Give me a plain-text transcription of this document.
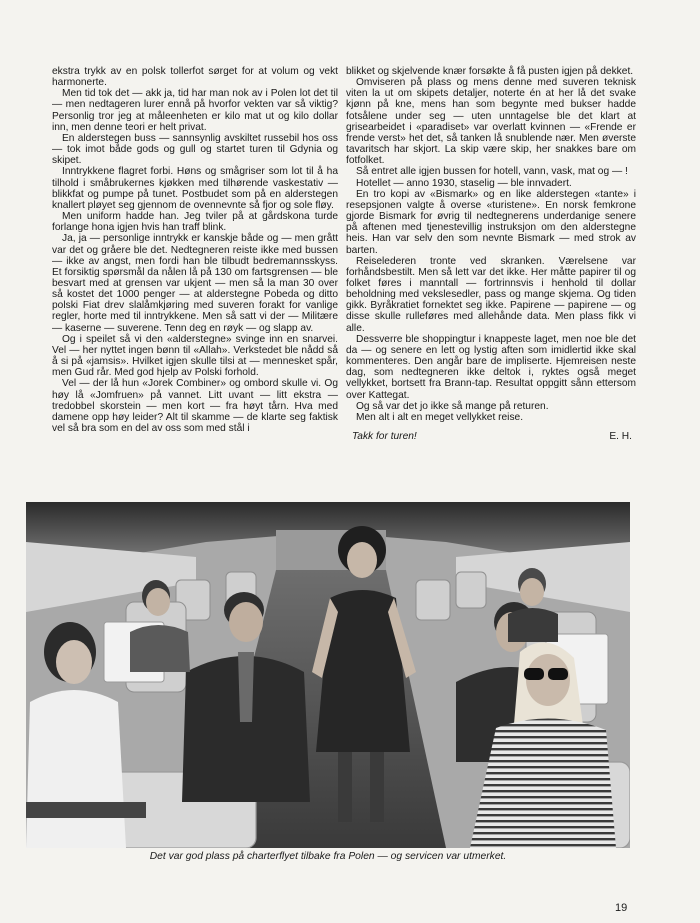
ekstra trykk av en polsk tollerfot sørget for at volum og vekt harmonerte.

Men tid tok det — akk ja, tid har man nok av i Polen lot det til — men nedtageren lurer ennå på hvorfor vekten var så viktig? Personlig tror jeg at måleenheten er kilo mat ut og kilo dollar inn, men denne teori er helt privat.

En alderstegen buss — sannsynlig avskiltet russebil hos oss — tok imot både gods og gull og startet turen til Gdynia og skipet.

Inntrykkene flagret forbi. Høns og smågriser som lot til å ha tilhold i småbrukernes kjøkken med tilhørende vaskestativ — blikkfat og pumpe på tunet. Postbudet som på en alderstegen knallert pløyet seg gjennom de ovennevnte så fjor og sole fløy.

Men uniform hadde han. Jeg tviler på at gårdskona turde forlange hona igjen hvis han traff blink.

Ja, ja — personlige inntrykk er kanskje både og — men grått var det og gråere ble det. Nedtegneren reiste ikke med bussen — ikke av angst, men fordi han ble tilbudt bedremannsskyss. Et forsiktig spørsmål da nålen lå på 130 om fartsgrensen — ble besvart med at grensen var ukjent — men så la man 30 over så kostet det 1000 penger — at alderstegne Pobeda og ditto polski Fiat drev slalåmkjøring med suveren forakt for vanlige regler, horte med til inntrykkene. Men så satt vi der — Militære — kaserne — suverene. Tenn deg en røyk — og slapp av.

Og i speilet så vi den «alderstegne» svinge inn en snarvei. Vel — her nyttet ingen bønn til «Allah». Verkstedet ble nådd så å si på «jamsis». Hvilket igjen skulle tilsi at — mennesket spår, men Gud rår. Med god hjelp av Polski forhold.

Vel — der lå hun «Jorek Combiner» og ombord skulle vi. Og høy lå «Jomfruen» på vannet. Litt uvant — litt ekstra — tredobbel skorstein — men kort — fra høyt tårn. Hva med damene opp høy leider? Alt til skamme — de klarte seg faktisk vel så bra som en del av oss som med stål i

blikket og skjelvende knær forsøkte å få pusten igjen på dekket.

Omviseren på plass og mens denne med suveren teknisk viten la ut om skipets detaljer, noterte én at her lå det svake kjønn på kne, mens han som begynte med bukser hadde fotsålene under seg — uten unntagelse ble det klart at grisearbeidet i «paradiset» var overlatt kvinnen — «Frende er frende verst» het det, så tanken lå snublende nær. Men øverste tavaritsch har skjort. La skip være skip, her snakkes bare om fotfolket.

Så entret alle igjen bussen for hotell, vann, vask, mat og — !

Hotellet — anno 1930, staselig — ble innvadert.

En tro kopi av «Bismark» og en like alderstegen «tante» i resepsjonen valgte å overse «turistene». En norsk femkrone gjorde Bismark for øvrig til nedtegnerens underdanige senere på aftenen med tjenestevillig instruksjon om den alderstegne heis. Han var selv den som nevnte Bismark — med strok av barten.

Reiselederen tronte ved skranken. Værelsene var forhåndsbestilt. Men så lett var det ikke. Her måtte papirer til og folket føres i manntall — fortrinnsvis i henhold til dollar beholdning med vekslesedler, pass og mange skjema. Og tiden gikk. Byråkratiet fornektet seg ikke. Papirene — papirene — og disse skulle rulleføres med allehånde data. Men plass fikk vi alle.

Dessverre ble shoppingtur i knappeste laget, men noe ble det da — og senere en lett og lystig aften som imidlertid ikke skal kommenteres. Den angår bare de impliserte. Hjemreisen neste dag, som nedtegneren ikke deltok i, ryktes også meget vellykket, bortsett fra Brann-tap. Resultat oppgitt sånn ettersom over Kattegat.

Og så var det jo ikke så mange på returen.

Men alt i alt en meget vellykket reise.

Takk for turen!	E. H.
Det var god plass på charterflyet tilbake fra Polen — og servicen var utmerket.
19
